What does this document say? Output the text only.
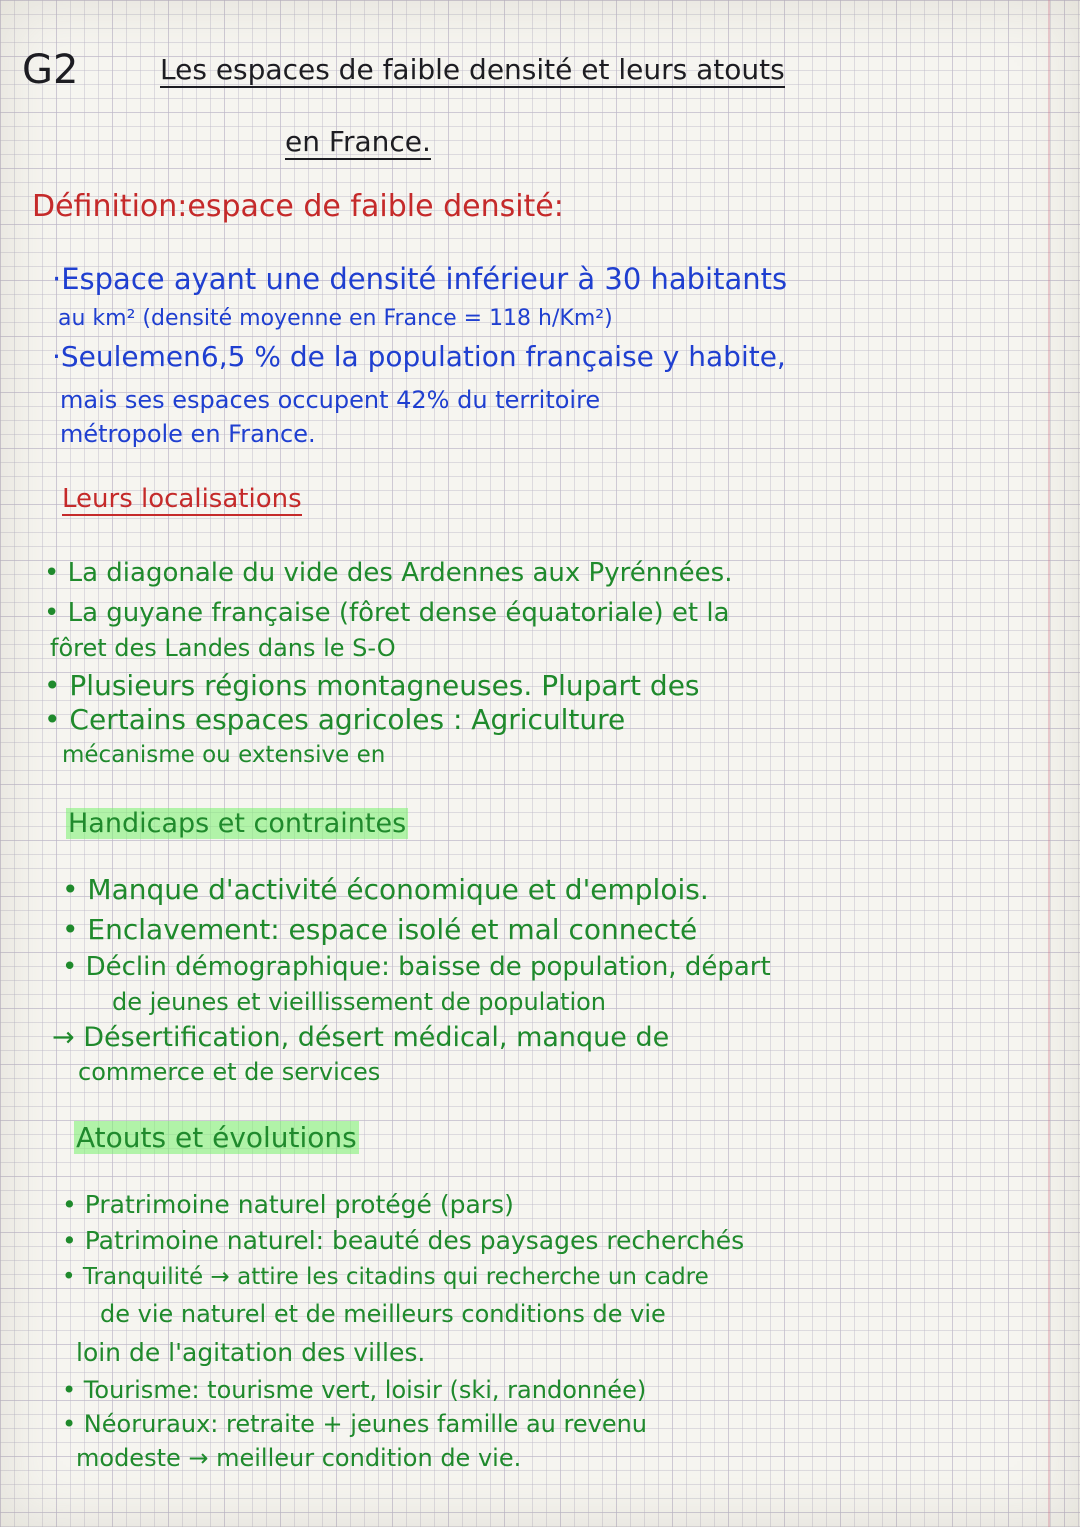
G2	Les espaces de faible densité et leurs atouts
en France.
Définition:espace de faible densité:
·Espace ayant une densité inférieur à 30 habitants
au km² (densité moyenne en France = 118 h/Km²)
·Seulemen6,5 % de la population française y habite,
mais ses espaces occupent 42% du territoire
métropole en France.
Leurs localisations
• La diagonale du vide des Ardennes aux Pyrénnées.
• La guyane française (fôret dense équatoriale) et la
fôret des Landes dans le S-O
• Plusieurs régions montagneuses. Plupart des
• Certains espaces agricoles : Agriculture
mécanisme ou extensive en
Handicaps et contraintes
• Manque d'activité économique et d'emplois.
• Enclavement: espace isolé et mal connecté
• Déclin démographique: baisse de population, départ
de jeunes et vieillissement de population
→ Désertification, désert médical, manque de
commerce et de services
Atouts et évolutions
• Pratrimoine naturel protégé (pars)
• Patrimoine naturel: beauté des paysages recherchés
• Tranquilité → attire les citadins qui recherche un cadre
de vie naturel et de meilleurs conditions de vie
loin de l'agitation des villes.
• Tourisme: tourisme vert, loisir (ski, randonnée)
• Néoruraux: retraite + jeunes famille au revenu
modeste → meilleur condition de vie.
